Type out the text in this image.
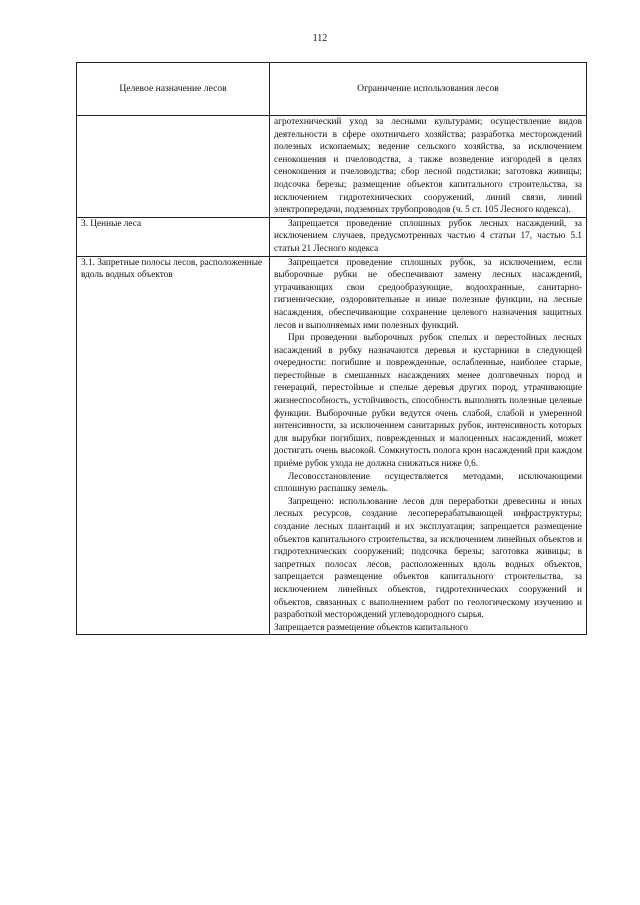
112
Целевое назначение лесов	Ограничение использования лесов

	агротехнический уход за лесными культурами; осуществление видов деятельности в сфере охотничьего хозяйства; разработка месторождений полезных ископаемых; ведение сельского хозяйства, за исключением сенокошения и пчеловодства, а также возведение изгородей в целях сенокошения и пчеловодства; сбор лесной подстилки; заготовка живицы; подсочка березы; размещение объектов капитального строительства, за исключением гидротехнических сооружений, линий связи, линий электропередачи, подземных трубопроводов (ч. 5 ст. 105 Лесного кодекса).

3. Ценные леса	Запрещается проведение сплошных рубок лесных насаждений, за исключением случаев, предусмотренных частью 4 статьи 17, частью 5.1 статьи 21 Лесного кодекса

3.1. Запретные полосы лесов, расположенные вдоль водных объектов	Запрещается проведение сплошных рубок, за исключением, если выборочные рубки не обеспечивают замену лесных насаждений, утрачивающих свои средообразующие, водоохранные, санитарно-гигиенические, оздоровительные и иные полезные функции, на лесные насаждения, обеспечивающие сохранение целевого назначения защитных лесов и выполняемых ими полезных функций.

При проведении выборочных рубок спелых и перестойных лесных насаждений в рубку назначаются деревья и кустарники в следующей очередности: погибшие и поврежденные, ослабленные, наиболее старые, перестойные в смешанных насаждениях менее долговечных пород и генераций, перестойные и спелые деревья других пород, утрачивающие жизнеспособность, устойчивость, способность выполнять полезные целевые функции. Выборочные рубки ведутся очень слабой, слабой и умеренной интенсивности, за исключением санитарных рубок, интенсивность которых для вырубки погибших, поврежденных и малоценных насаждений, может достигать очень высокой. Сомкнутость полога крон насаждений при каждом приёме рубок ухода не должна снижаться ниже 0,6.

Лесовосстановление осуществляется методами, исключающими сплошную распашку земель.

Запрещено: использование лесов для переработки древесины и иных лесных ресурсов, создание лесоперерабатывающей инфраструктуры; создание лесных плантаций и их эксплуатация; запрещается размещение объектов капитального строительства, за исключением линейных объектов и гидротехнических сооружений; подсочка березы; заготовка живицы; в запретных полосах лесов, расположенных вдоль водных объектов, запрещается размещение объектов капитального строительства, за исключением линейных объектов, гидротехнических сооружений и объектов, связанных с выполнением работ по геологическому изучению и разработкой месторождений углеводородного сырья.

Запрещается размещение объектов капитального
